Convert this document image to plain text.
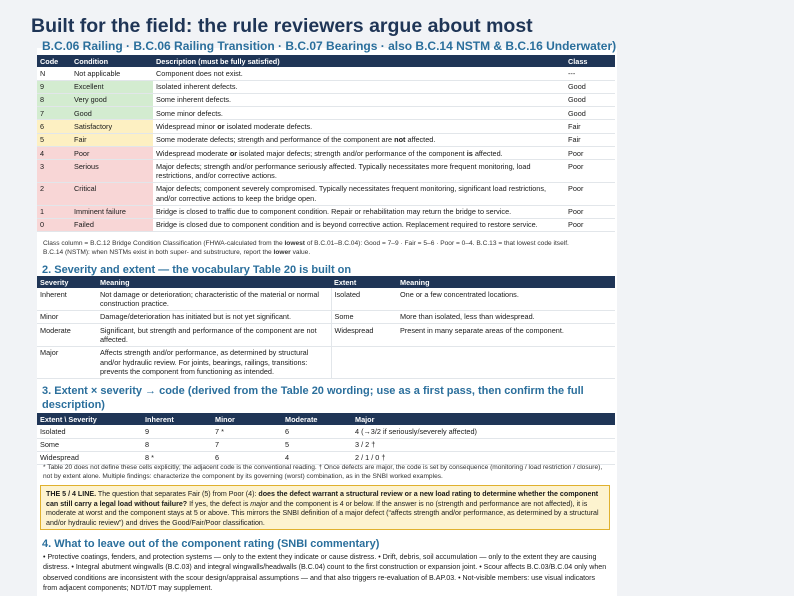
Built for the field: the rule reviewers argue about most
B.C.06 Railing · B.C.06 Railing Transition · B.C.07 Bearings · also B.C.14 NSTM & B.C.16 Underwater)
Code	Condition	Description (must be fully satisfied)	Class
N	Not applicable	Component does not exist.	---
9	Excellent	Isolated inherent defects.	Good
8	Very good	Some inherent defects.	Good
7	Good	Some minor defects.	Good
6	Satisfactory	Widespread minor or isolated moderate defects.	Fair
5	Fair	Some moderate defects; strength and performance of the component are not affected.	Fair
4	Poor	Widespread moderate or isolated major defects; strength and/or performance of the component is affected.	Poor
3	Serious	Major defects; strength and/or performance seriously affected. Typically necessitates more frequent monitoring, load restrictions, and/or corrective actions.	Poor
2	Critical	Major defects; component severely compromised. Typically necessitates frequent monitoring, significant load restrictions, and/or corrective actions to keep the bridge open.	Poor
1	Imminent failure	Bridge is closed to traffic due to component condition. Repair or rehabilitation may return the bridge to service.	Poor
0	Failed	Bridge is closed due to component condition and is beyond corrective action. Replacement required to restore service.	Poor
Class column = B.C.12 Bridge Condition Classification (FHWA-calculated from the lowest of B.C.01–B.C.04): Good = 7–9 · Fair = 5–6 · Poor = 0–4. B.C.13 = that lowest code itself.
B.C.14 (NSTM): when NSTMs exist in both super- and substructure, report the lower value.
2. Severity and extent — the vocabulary Table 20 is built on
Severity	Meaning	Extent	Meaning
Inherent	Not damage or deterioration; characteristic of the material or normal construction practice.	Isolated	One or a few concentrated locations.
Minor	Damage/deterioration has initiated but is not yet significant.	Some	More than isolated, less than widespread.
Moderate	Significant, but strength and performance of the component are not affected.	Widespread	Present in many separate areas of the component.
Major	Affects strength and/or performance, as determined by structural and/or hydraulic review. For joints, bearings, railings, transitions: prevents the component from functioning as intended.		
3. Extent × severity → code (derived from the Table 20 wording; use as a first pass, then confirm the full description)
Extent \ Severity	Inherent	Minor	Moderate	Major
Isolated	9	7 *	6	4 (→3/2 if seriously/severely affected)
Some	8	7	5	3 / 2 †
Widespread	8 *	6	4	2 / 1 / 0 †
* Table 20 does not define these cells explicitly; the adjacent code is the conventional reading. † Once defects are major, the code is set by consequence (monitoring / load restriction / closure), not by extent alone. Multiple findings: characterize the component by its governing (worst) combination, as in the SNBI worked examples.
THE 5 / 4 LINE. The question that separates Fair (5) from Poor (4): does the defect warrant a structural review or a new load rating to determine whether the component can still carry a legal load without failure? If yes, the defect is major and the component is 4 or below. If the answer is no (strength and performance are not affected), it is moderate at worst and the component stays at 5 or above. This mirrors the SNBI definition of a major defect (“affects strength and/or performance, as determined by a structural and/or hydraulic review”) and drives the Good/Fair/Poor classification.
4. What to leave out of the component rating (SNBI commentary)
• Protective coatings, fenders, and protection systems — only to the extent they indicate or cause distress. • Drift, debris, soil accumulation — only to the extent they are causing distress. • Integral abutment wingwalls (B.C.03) and integral wingwalls/headwalls (B.C.04) count to the first construction or expansion joint. • Scour affects B.C.03/B.C.04 only when observed conditions are inconsistent with the scour design/appraisal assumptions — and that also triggers re-evaluation of B.AP.03. • Not-visible members: use visual indicators from adjacent components; NDT/DT may supplement.
